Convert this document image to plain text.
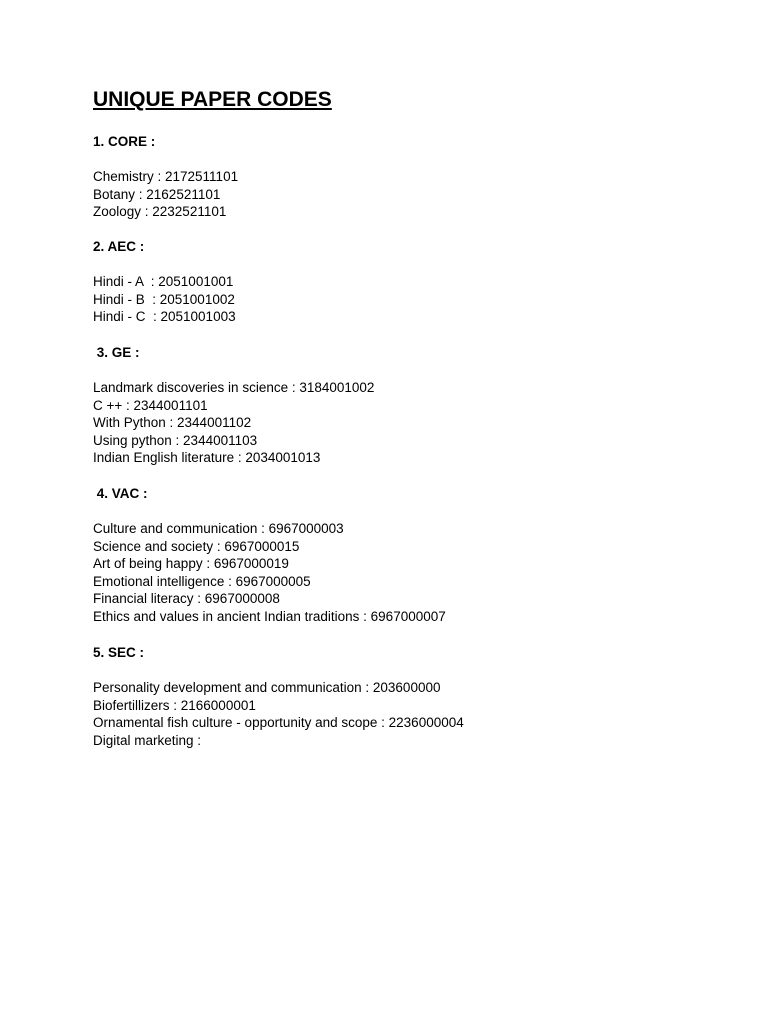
UNIQUE PAPER CODES
1. CORE :
Chemistry : 2172511101
Botany : 2162521101
Zoology : 2232521101
2. AEC :
Hindi - A  : 2051001001
Hindi - B  : 2051001002
Hindi - C  : 2051001003
3. GE :
Landmark discoveries in science : 3184001002
C ++ : 2344001101
With Python : 2344001102
Using python : 2344001103
Indian English literature : 2034001013
4. VAC :
Culture and communication : 6967000003
Science and society : 6967000015
Art of being happy : 6967000019
Emotional intelligence : 6967000005
Financial literacy : 6967000008
Ethics and values in ancient Indian traditions : 6967000007
5. SEC :
Personality development and communication : 203600000
Biofertillizers : 2166000001
Ornamental fish culture - opportunity and scope : 2236000004
Digital marketing :
